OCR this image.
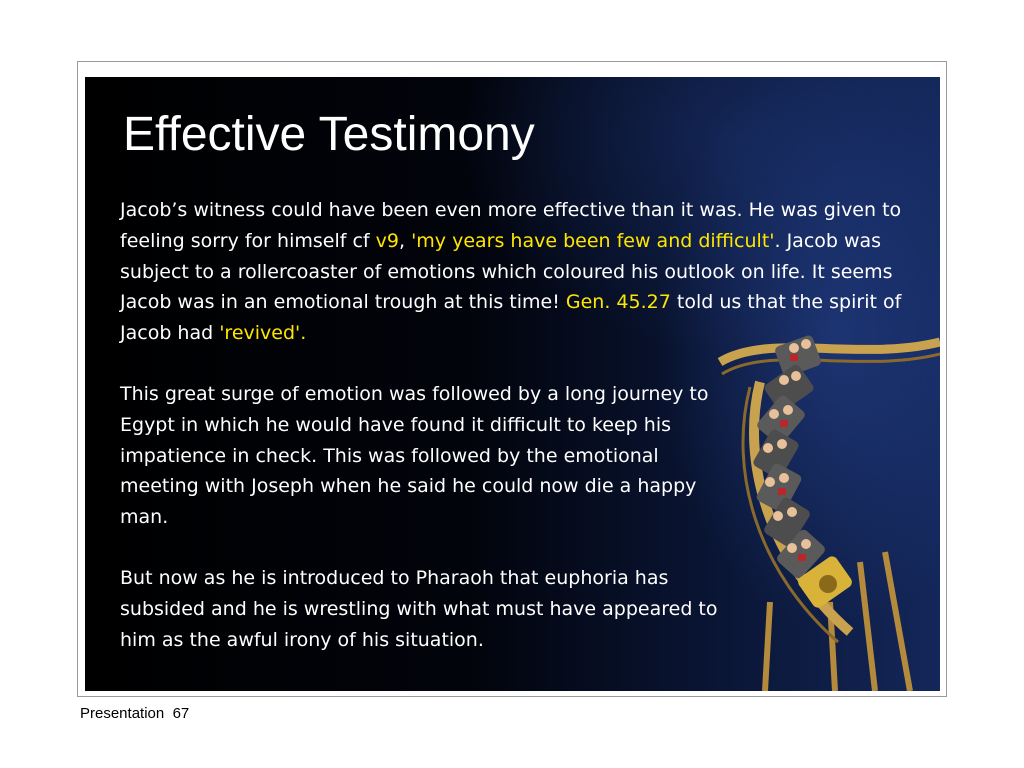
Effective Testimony

Jacob’s witness could have been even more effective than it was. He was given to feeling sorry for himself cf v9, 'my years have been few and difficult'. Jacob was subject to a rollercoaster of emotions which coloured his outlook on life. It seems Jacob was in an emotional trough at this time! Gen. 45.27 told us that the spirit of Jacob had 'revived'.

This great surge of emotion was followed by a long journey to Egypt in which he would have found it difficult to keep his impatience in check. This was followed by the emotional meeting with Joseph when he said he could now die a happy man.

But now as he is introduced to Pharaoh that euphoria has subsided and he is wrestling with what must have appeared to him as the awful irony of his situation.

Presentation 67
